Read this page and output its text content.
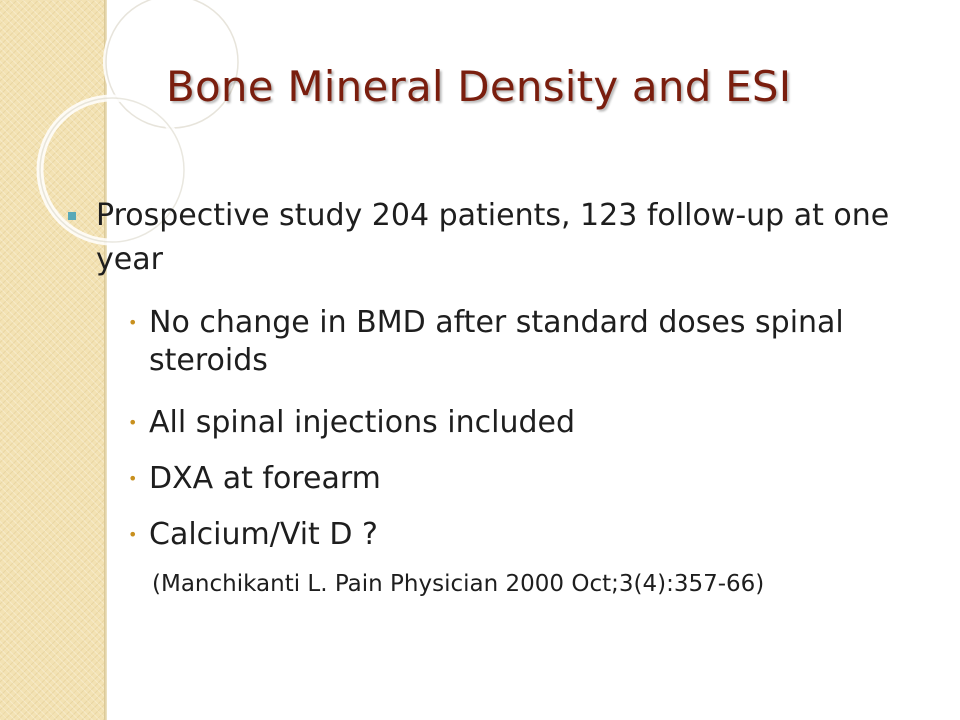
Bone Mineral Density and ESI
Prospective study 204 patients, 123 follow-up at one year
• No change in BMD after standard doses spinal steroids
• All spinal injections included
• DXA at forearm
• Calcium/Vit D ?
(Manchikanti L. Pain Physician 2000 Oct;3(4):357-66)
